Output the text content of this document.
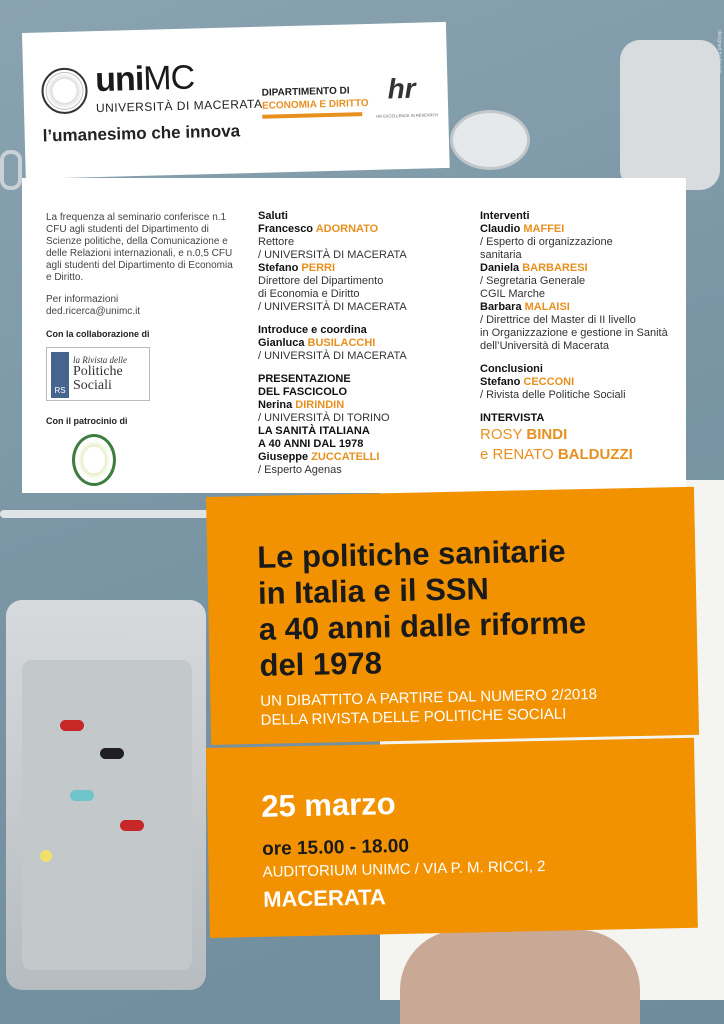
designed by freepik
uniMC
UNIVERSITÀ DI MACERATA
l’umanesimo che innova
DIPARTIMENTO DI
ECONOMIA E DIRITTO
hr
HR EXCELLENCE IN RESEARCH
La frequenza al seminario conferisce n.1 CFU agli studenti del Dipartimento di Scienze politiche, della Comunicazione e delle Relazioni internazionali, e n.0,5 CFU agli studenti del Dipartimento di Economia e Diritto.
Per informazioni
ded.ricerca@unimc.it
Con la collaborazione di
RS
la Rivista delle
Politiche
Sociali
Con il patrocinio di
Saluti
Francesco ADORNATO
Rettore
/ UNIVERSITÀ DI MACERATA
Stefano PERRI
Direttore del Dipartimento
di Economia e Diritto
/ UNIVERSITÀ DI MACERATA
Introduce e coordina
Gianluca BUSILACCHI
/ UNIVERSITÀ DI MACERATA
PRESENTAZIONE
DEL FASCICOLO
Nerina DIRINDIN
/ UNIVERSITÀ DI TORINO
LA SANITÀ ITALIANA
A 40 ANNI DAL 1978
Giuseppe ZUCCATELLI
/ Esperto Agenas
Interventi
Claudio MAFFEI
/ Esperto di organizzazione
sanitaria
Daniela BARBARESI
/ Segretaria Generale
CGIL Marche
Barbara MALAISI
/ Direttrice del Master di II livello
in Organizzazione e gestione in Sanità
dell’Università di Macerata
Conclusioni
Stefano CECCONI
/ Rivista delle Politiche Sociali
INTERVISTA
ROSY BINDI
e RENATO BALDUZZI
Le politiche sanitarie
in Italia e il SSN
a 40 anni dalle riforme
del 1978
UN DIBATTITO A PARTIRE DAL NUMERO 2/2018
DELLA RIVISTA DELLE POLITICHE SOCIALI
25 marzo
ore 15.00 - 18.00
AUDITORIUM UNIMC / VIA P. M. RICCI, 2
MACERATA
